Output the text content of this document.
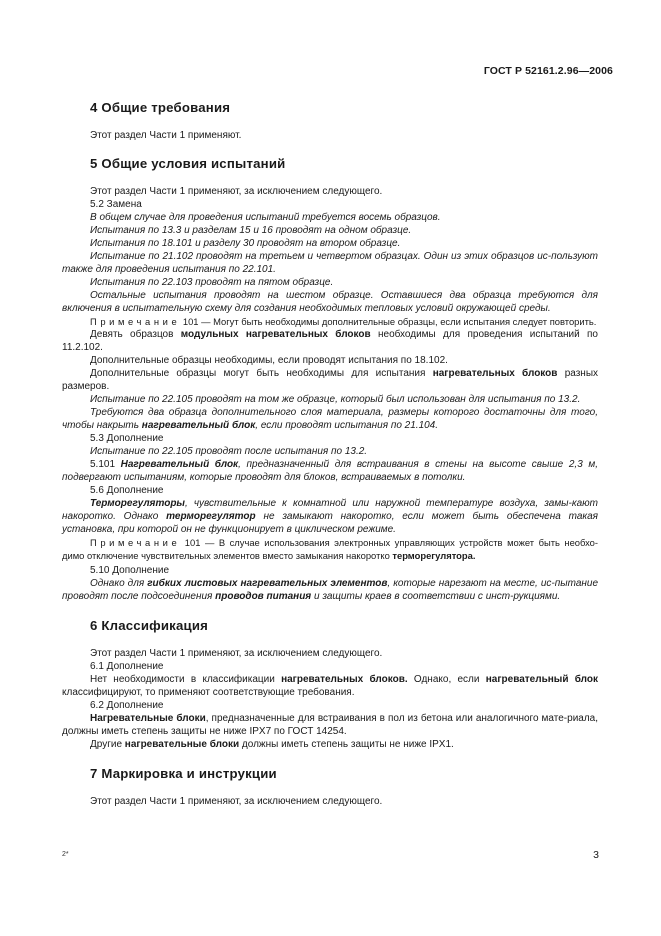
ГОСТ Р 52161.2.96—2006
4 Общие требования

Этот раздел Части 1 применяют.

5 Общие условия испытаний

Этот раздел Части 1 применяют, за исключением следующего.

5.2 Замена

В общем случае для проведения испытаний требуется восемь образцов.

Испытания по 13.3 и разделам 15 и 16 проводят на одном образце.

Испытания по 18.101 и разделу 30 проводят на втором образце.

Испытание по 21.102 проводят на третьем и четвертом образцах. Один из этих образцов ис-пользуют также для проведения испытания по 22.101.

Испытания по 22.103 проводят на пятом образце.

Остальные испытания проводят на шестом образце. Оставшиеся два образца требуются для включения в испытательную схему для создания необходимых тепловых условий окружающей среды.

Примечание 101 — Могут быть необходимы дополнительные образцы, если испытания следует повторить.

Девять образцов модульных нагревательных блоков необходимы для проведения испытаний по 11.2.102.

Дополнительные образцы необходимы, если проводят испытания по 18.102.

Дополнительные образцы могут быть необходимы для испытания нагревательных блоков разных размеров.

Испытание по 22.105 проводят на том же образце, который был использован для испытания по 13.2.

Требуются два образца дополнительного слоя материала, размеры которого достаточны для того, чтобы накрыть нагревательный блок, если проводят испытания по 21.104.

5.3 Дополнение

Испытание по 22.105 проводят после испытания по 13.2.

5.101 Нагревательный блок, предназначенный для встраивания в стены на высоте свыше 2,3 м, подвергают испытаниям, которые проводят для блоков, встраиваемых в потолки.

5.6 Дополнение

Терморегуляторы, чувствительные к комнатной или наружной температуре воздуха, замы-кают накоротко. Однако терморегулятор не замыкают накоротко, если может быть обеспечена такая установка, при которой он не функционирует в циклическом режиме.

Примечание 101 — В случае использования электронных управляющих устройств может быть необхо-димо отключение чувствительных элементов вместо замыкания накоротко терморегулятора.

5.10 Дополнение

Однако для гибких листовых нагревательных элементов, которые нарезают на месте, ис-пытание проводят после подсоединения проводов питания и защиты краев в соответствии с инст-рукциями.

6 Классификация

Этот раздел Части 1 применяют, за исключением следующего.

6.1 Дополнение

Нет необходимости в классификации нагревательных блоков. Однако, если нагревательный блок классифицируют, то применяют соответствующие требования.

6.2 Дополнение

Нагревательные блоки, предназначенные для встраивания в пол из бетона или аналогичного мате-риала, должны иметь степень защиты не ниже IPX7 по ГОСТ 14254.

Другие нагревательные блоки должны иметь степень защиты не ниже IPX1.

7 Маркировка и инструкции

Этот раздел Части 1 применяют, за исключением следующего.

2*	3
